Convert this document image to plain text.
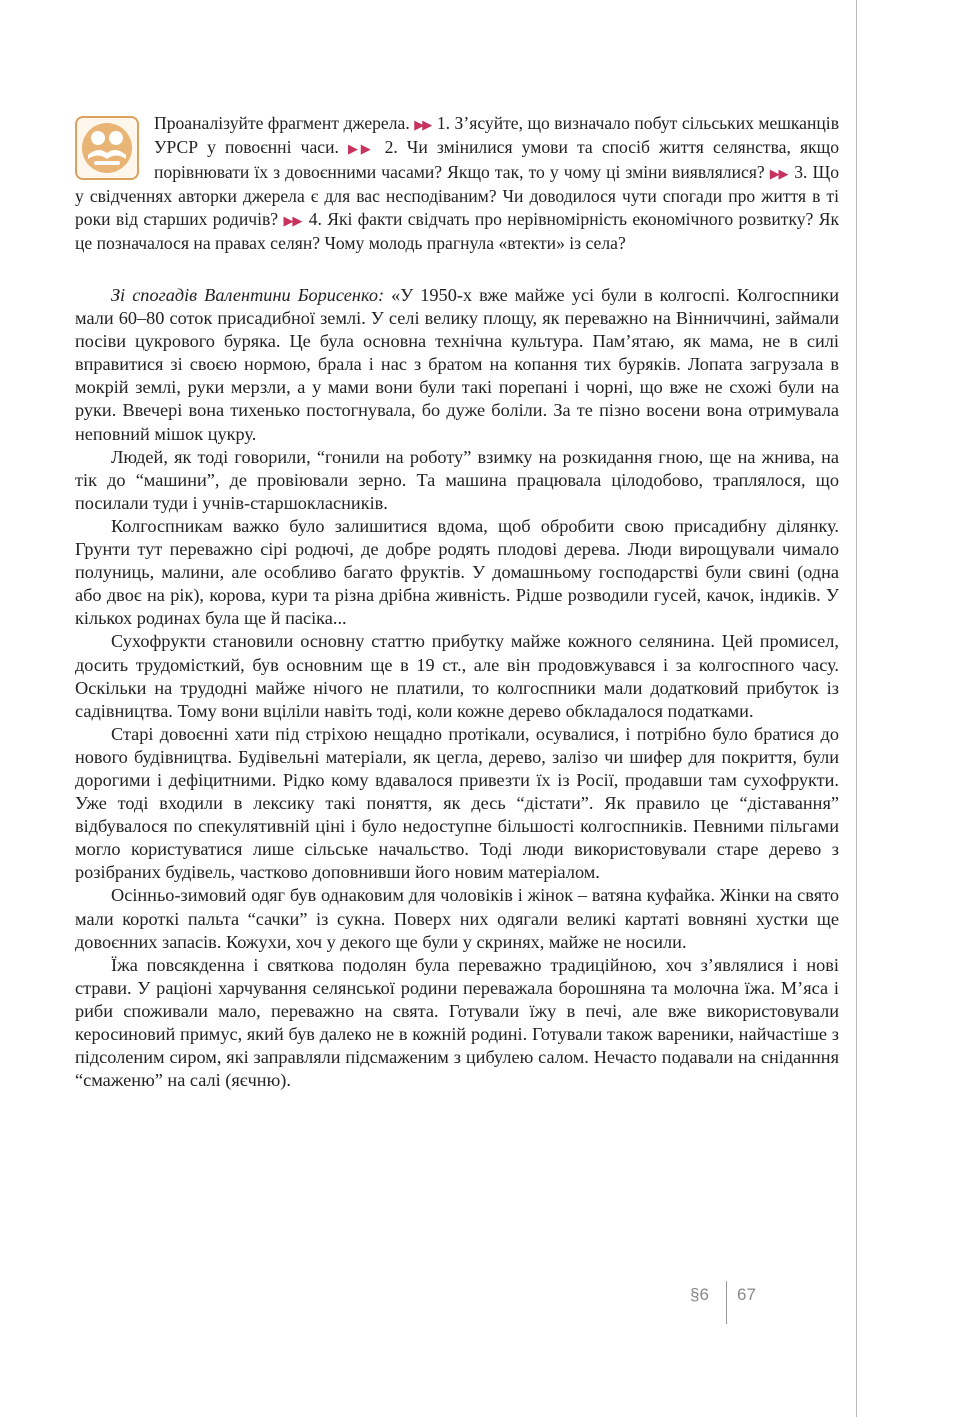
Проаналізуйте фрагмент джерела. ▶▶ 1. З’ясуйте, що визначало побут сільських мешканців УРСР у повоєнні часи. ▶▶ 2. Чи змінилися умови та спосіб життя селянства, якщо порівнювати їх з довоєнними часами? Якщо так, то у чому ці зміни виявлялися? ▶▶ 3. Що у свідченнях авторки джерела є для вас несподіваним? Чи доводилося чути спогади про життя в ті роки від старших родичів? ▶▶ 4. Які факти свідчать про нерівномірність економічного розвитку? Як це позначалося на правах селян? Чому молодь прагнула «втекти» із села?

Зі спогадів Валентини Борисенко: «У 1950-х вже майже усі були в колгоспі. Колгоспники мали 60–80 соток присадибної землі. У селі велику площу, як переважно на Вінниччині, займали посіви цукрового буряка. Це була основна технічна культура. Пам’ятаю, як мама, не в силі вправитися зі своєю нормою, брала і нас з братом на копання тих буряків. Лопата загрузала в мокрій землі, руки мерзли, а у мами вони були такі порепані і чорні, що вже не схожі були на руки. Ввечері вона тихенько постогнувала, бо дуже боліли. За те пізно восени вона отримувала неповний мішок цукру.

Людей, як тоді говорили, “гонили на роботу” взимку на розкидання гною, ще на жнива, на тік до “машини”, де провіювали зерно. Та машина працювала цілодобово, траплялося, що посилали туди і учнів-старшокласників.

Колгоспникам важко було залишитися вдома, щоб обробити свою присадибну ділянку. Грунти тут переважно сірі родючі, де добре родять плодові дерева. Люди вирощували чимало полуниць, малини, але особливо багато фруктів. У домашньому господарстві були свині (одна або двоє на рік), корова, кури та різна дрібна живність. Рідше розводили гусей, качок, індиків. У кількох родинах була ще й пасіка...

Сухофрукти становили основну статтю прибутку майже кожного селянина. Цей промисел, досить трудомісткий, був основним ще в 19 ст., але він продовжувався і за колгоспного часу. Оскільки на трудодні майже нічого не платили, то колгоспники мали додатковий прибуток із садівництва. Тому вони вціліли навіть тоді, коли кожне дерево обкладалося податками.

Старі довоєнні хати під стріхою нещадно протікали, осувалися, і потрібно було братися до нового будівництва. Будівельні матеріали, як цегла, дерево, залізо чи шифер для покриття, були дорогими і дефіцитними. Рідко кому вдавалося привезти їх із Росії, продавши там сухофрукти. Уже тоді входили в лексику такі поняття, як десь “дістати”. Як правило це “діставання” відбувалося по спекулятивній ціні і було недоступне більшості колгоспників. Певними пільгами могло користуватися лише сільське начальство. Тоді люди використовували старе дерево з розібраних будівель, частково доповнивши його новим матеріалом.

Осінньо-зимовий одяг був однаковим для чоловіків і жінок – ватяна куфайка. Жінки на свято мали короткі пальта “сачки” із сукна. Поверх них одягали великі картаті вовняні хустки ще довоєнних запасів. Кожухи, хоч у декого ще були у скринях, майже не носили.

Їжа повсякденна і святкова подолян була переважно традиційною, хоч з’являлися і нові страви. У раціоні харчування селянської родини переважала борошняна та молочна їжа. М’яса і риби споживали мало, переважно на свята. Готували їжу в печі, але вже використовували керосиновий примус, який був далеко не в кожній родині. Готували також вареники, найчастіше з підсоленим сиром, які заправляли підсмаженим з цибулею салом. Нечасто подавали на сніданння “смаженю” на салі (яєчню).

§6 67
